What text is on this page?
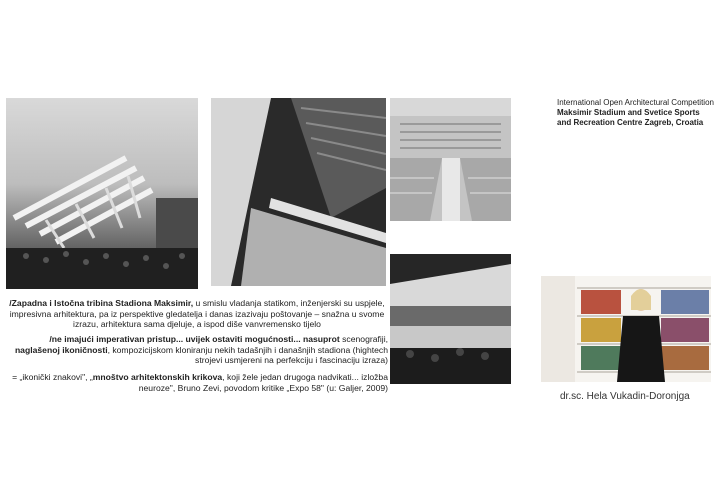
International Open Architectural Competition
Maksimir Stadium and Svetice Sports
and Recreation Centre Zagreb, Croatia
dr.sc. Hela Vukadin-Doronjga
/Zapadna i Istočna tribina Stadiona Maksimir, u smislu vladanja statikom, inženjerski su uspjele, impresivna arhitektura, pa iz perspektive gledatelja i danas izazivaju poštovanje – snažna u svome izrazu, arhitektura sama djeluje, a ispod diše vanvremensko tijelo
/ne imajući imperativan pristup... uvijek ostaviti mogućnosti... nasuprot scenografiji, naglašenoj ikoničnosti, kompozicijskom kloniranju nekih tadašnjih i današnjih stadiona (hightech strojevi usmjereni na perfekciju i fascinaciju izraza)
= „ikonički znakovi", „mnoštvo arhitektonskih krikova, koji žele jedan drugoga nadvikati... izložba neuroze", Bruno Zevi, povodom kritike „Expo 58" (u: Galjer, 2009)
